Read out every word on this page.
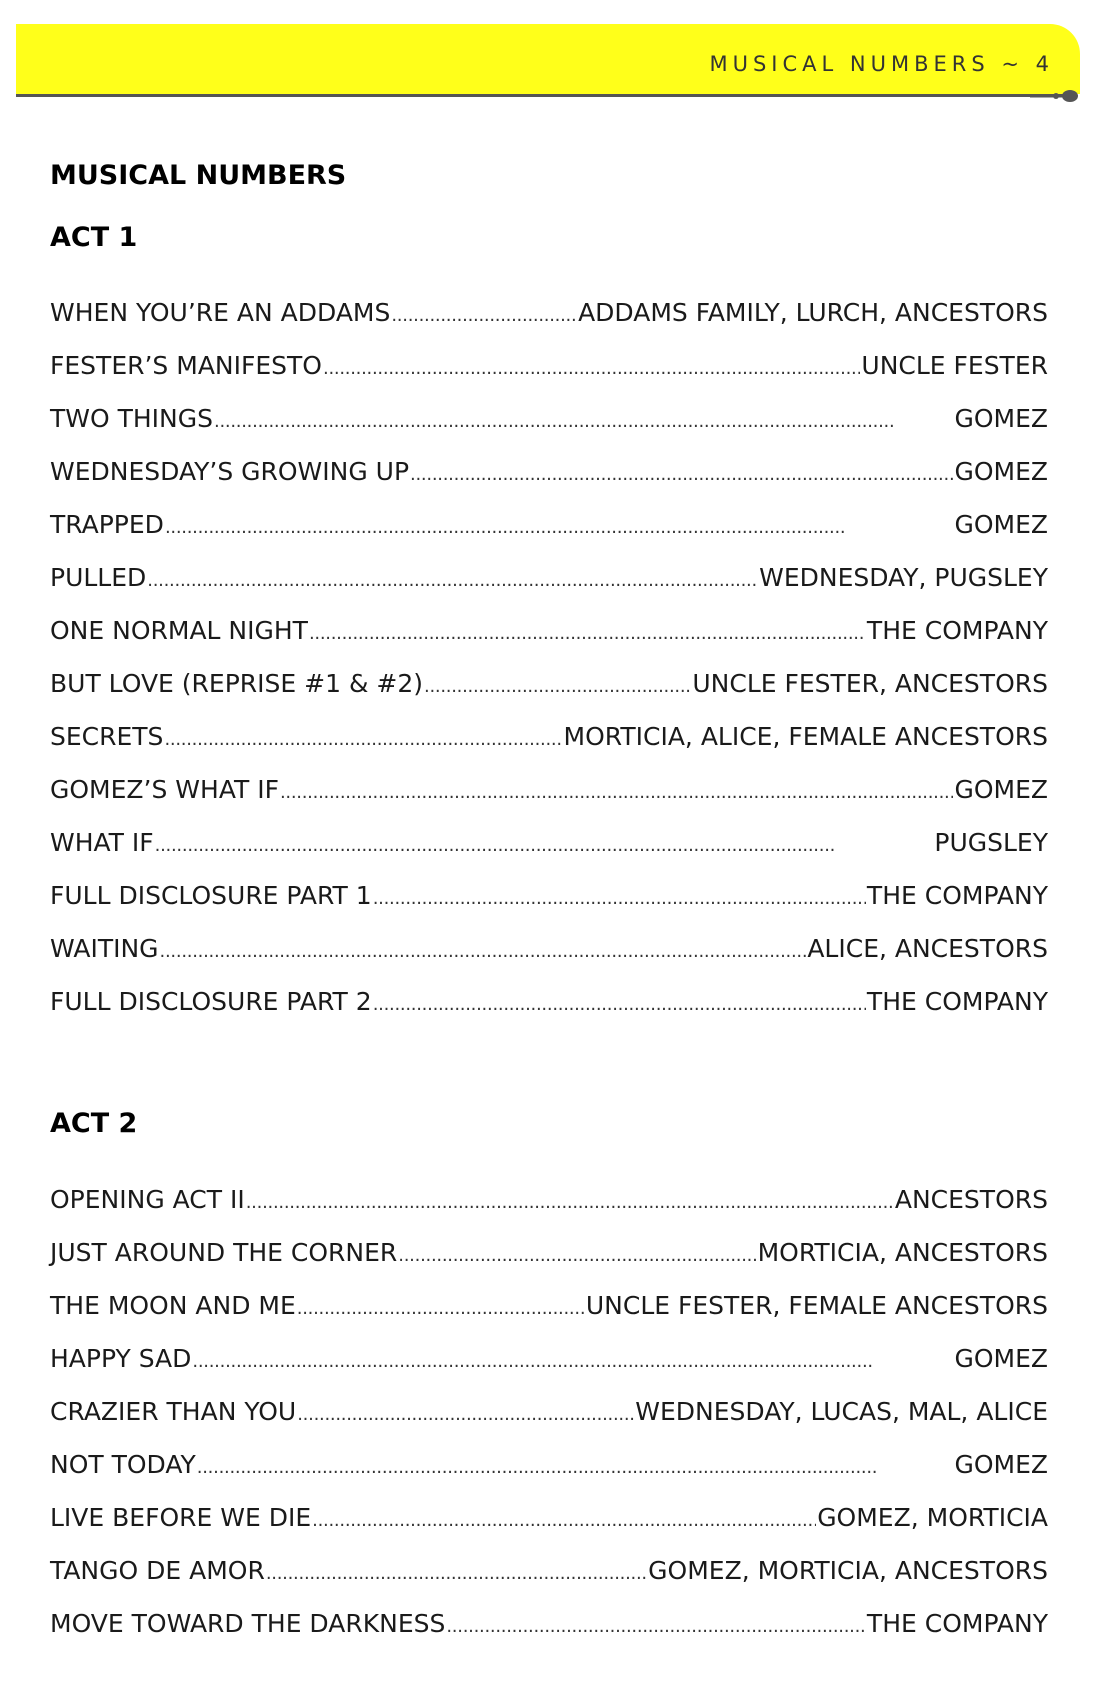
MUSICAL NUMBERS ~ 4
MUSICAL NUMBERS
ACT 1
WHEN YOU’RE AN ADDAMS . . .	ADDAMS FAMILY, LURCH, ANCESTORS
FESTER’S MANIFESTO . . .	UNCLE FESTER
TWO THINGS . . .	GOMEZ
WEDNESDAY’S GROWING UP . . .	GOMEZ
TRAPPED . . .	GOMEZ
PULLED . . .	WEDNESDAY, PUGSLEY
ONE NORMAL NIGHT . . .	THE COMPANY
BUT LOVE (REPRISE #1 & #2) . . .	UNCLE FESTER, ANCESTORS
SECRETS . . .	MORTICIA, ALICE, FEMALE ANCESTORS
GOMEZ’S WHAT IF . . .	GOMEZ
WHAT IF . . .	PUGSLEY
FULL DISCLOSURE PART 1 . . .	THE COMPANY
WAITING . . .	ALICE, ANCESTORS
FULL DISCLOSURE PART 2 . . .	THE COMPANY
ACT 2
OPENING ACT II . . .	ANCESTORS
JUST AROUND THE CORNER . . .	MORTICIA, ANCESTORS
THE MOON AND ME . . .	UNCLE FESTER, FEMALE ANCESTORS
HAPPY SAD . . .	GOMEZ
CRAZIER THAN YOU . . .	WEDNESDAY, LUCAS, MAL, ALICE
NOT TODAY . . .	GOMEZ
LIVE BEFORE WE DIE . . .	GOMEZ, MORTICIA
TANGO DE AMOR . . .	GOMEZ, MORTICIA, ANCESTORS
MOVE TOWARD THE DARKNESS . . .	THE COMPANY
